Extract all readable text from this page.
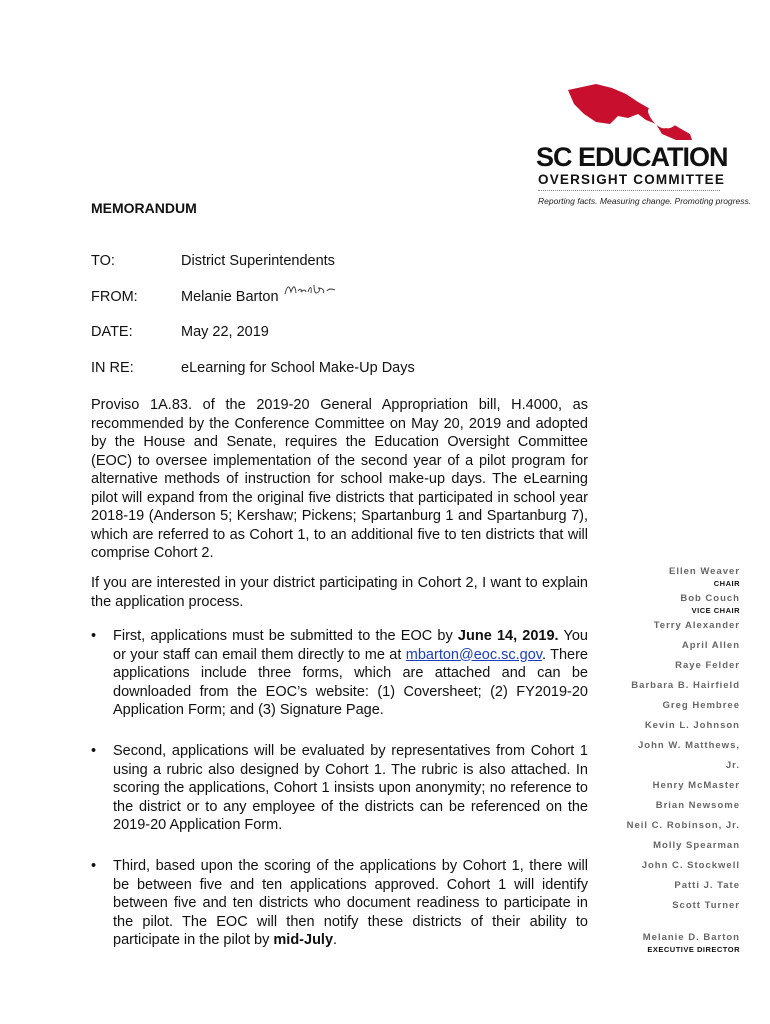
SC EDUCATION
OVERSIGHT COMMITTEE
Reporting facts. Measuring change. Promoting progress.
MEMORANDUM
TO:	District Superintendents
FROM:	Melanie Barton
DATE:	May 22, 2019
IN RE:	eLearning for School Make-Up Days
Proviso 1A.83. of the 2019-20 General Appropriation bill, H.4000, as recommended by the Conference Committee on May 20, 2019 and adopted by the House and Senate, requires the Education Oversight Committee (EOC) to oversee implementation of the second year of a pilot program for alternative methods of instruction for school make-up days. The eLearning pilot will expand from the original five districts that participated in school year 2018-19 (Anderson 5; Kershaw; Pickens; Spartanburg 1 and Spartanburg 7), which are referred to as Cohort 1, to an additional five to ten districts that will comprise Cohort 2.
If you are interested in your district participating in Cohort 2, I want to explain the application process.
•	First, applications must be submitted to the EOC by June 14, 2019. You or your staff can email them directly to me at mbarton@eoc.sc.gov. There applications include three forms, which are attached and can be downloaded from the EOC’s website: (1) Coversheet; (2) FY2019-20 Application Form; and (3) Signature Page.
•	Second, applications will be evaluated by representatives from Cohort 1 using a rubric also designed by Cohort 1. The rubric is also attached. In scoring the applications, Cohort 1 insists upon anonymity; no reference to the district or to any employee of the districts can be referenced on the 2019-20 Application Form.
•	Third, based upon the scoring of the applications by Cohort 1, there will be between five and ten applications approved. Cohort 1 will identify between five and ten districts who document readiness to participate in the pilot. The EOC will then notify these districts of their ability to participate in the pilot by mid-July.
Ellen Weaver
CHAIR
Bob Couch
VICE CHAIR
Terry Alexander
April Allen
Raye Felder
Barbara B. Hairfield
Greg Hembree
Kevin L. Johnson
John W. Matthews,
Jr.
Henry McMaster
Brian Newsome
Neil C. Robinson, Jr.
Molly Spearman
John C. Stockwell
Patti J. Tate
Scott Turner
Melanie D. Barton
EXECUTIVE DIRECTOR
